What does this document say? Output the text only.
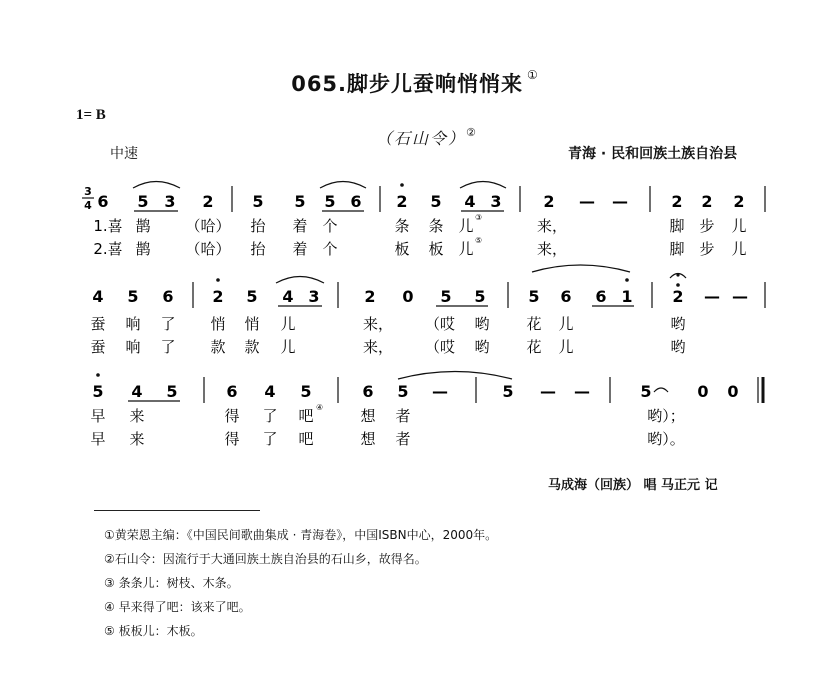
065.脚步儿蚕响悄悄来 ①
1= B
（石山令）②
中速	青海 · 民和回族土族自治县
3
4 6 5 3 2 5 5 5 6 2 5 4 3	2 — —	2 2 2
1.喜 鹊 （哈） 抬 着 个	条 条 儿 ③	来，	脚 步 儿
2.喜 鹊 （哈） 抬 着 个	板 板 儿 ⑤	来，	脚 步 儿
4 5 6 2 5 4 3	2 0 5 5	5 6 6 1 2 — —
蚕 响 了 悄 悄 儿	来， （哎 哟 花 儿	哟
蚕 响 了 款 款 儿	来， （哎 哟 花 儿	哟
5 4 5	6 4 5	6 5 —	5 — —	5	0 0
早 来	得 了 吧 ④ 想 者	哟）；
早 来	得 了 吧	想 者	哟）。
马成海（回族） 唱 马正元 记
①黄荣恩主编：《中国民间歌曲集成 · 青海卷》，中国ISBN中心，2000年。
②石山令：因流行于大通回族土族自治县的石山乡，故得名。
③ 条条儿：树枝、木条。
④ 早来得了吧：该来了吧。
⑤ 板板儿：木板。
